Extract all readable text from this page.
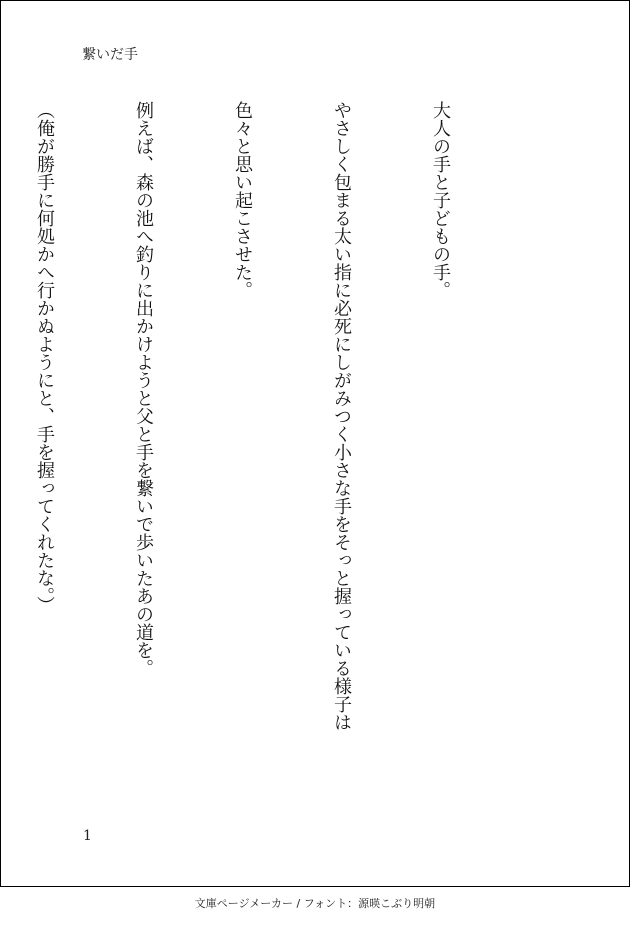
繋いだ手

大人の手と子どもの手。

やさしく包まる太い指に必死にしがみつく小さな手をそっと握っている様子は

色々と思い起こさせた。

例えば、森の池へ釣りに出かけようと父と手を繋いで歩いたあの道を。

（俺が勝手に何処かへ行かぬようにと、手を握ってくれたな。）

1
文庫ページメーカー / フォント：源暎こぶり明朝
